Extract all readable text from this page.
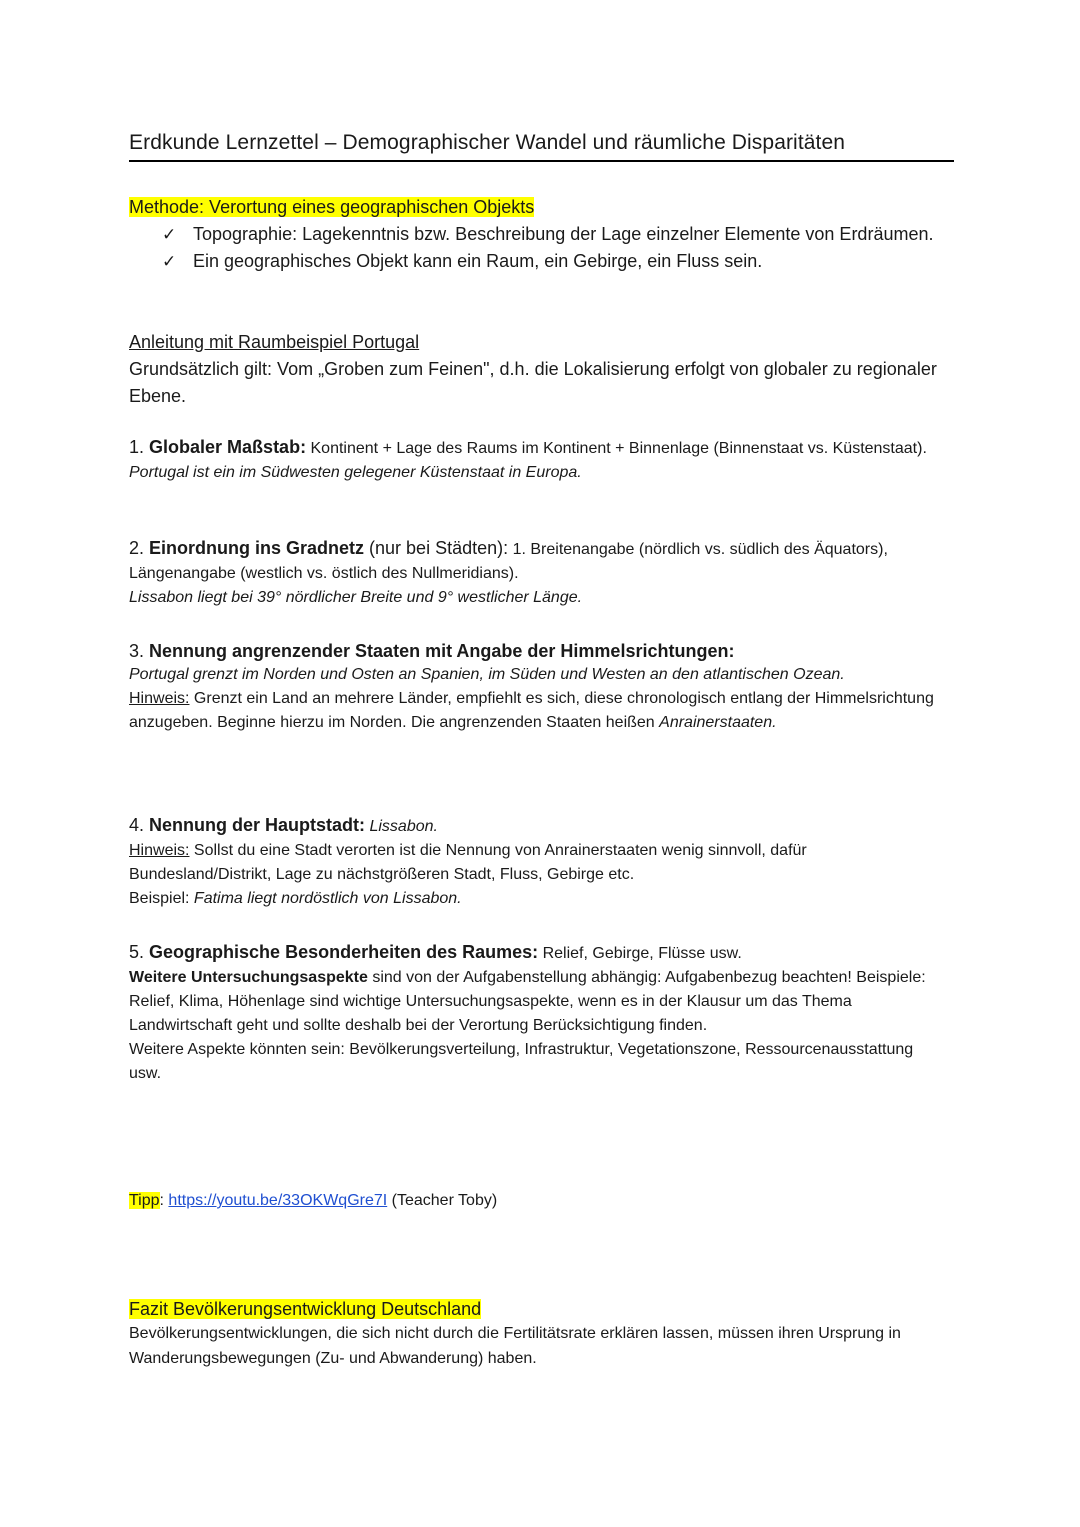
Erdkunde Lernzettel – Demographischer Wandel und räumliche Disparitäten
Methode: Verortung eines geographischen Objekts
✓ Topographie: Lagekenntnis bzw. Beschreibung der Lage einzelner Elemente von Erdräumen.
✓ Ein geographisches Objekt kann ein Raum, ein Gebirge, ein Fluss sein.
Anleitung mit Raumbeispiel Portugal
Grundsätzlich gilt: Vom „Groben zum Feinen", d.h. die Lokalisierung erfolgt von globaler zu regionaler Ebene.
1. Globaler Maßstab: Kontinent + Lage des Raums im Kontinent + Binnenlage (Binnenstaat vs. Küstenstaat).
Portugal ist ein im Südwesten gelegener Küstenstaat in Europa.
2. Einordnung ins Gradnetz (nur bei Städten): 1. Breitenangabe (nördlich vs. südlich des Äquators), Längenangabe (westlich vs. östlich des Nullmeridians).
Lissabon liegt bei 39° nördlicher Breite und 9° westlicher Länge.
3. Nennung angrenzender Staaten mit Angabe der Himmelsrichtungen:
Portugal grenzt im Norden und Osten an Spanien, im Süden und Westen an den atlantischen Ozean.
Hinweis: Grenzt ein Land an mehrere Länder, empfiehlt es sich, diese chronologisch entlang der Himmelsrichtung anzugeben. Beginne hierzu im Norden. Die angrenzenden Staaten heißen Anrainerstaaten.
4. Nennung der Hauptstadt: Lissabon.
Hinweis: Sollst du eine Stadt verorten ist die Nennung von Anrainerstaaten wenig sinnvoll, dafür Bundesland/Distrikt, Lage zu nächstgrößeren Stadt, Fluss, Gebirge etc.
Beispiel: Fatima liegt nordöstlich von Lissabon.
5. Geographische Besonderheiten des Raumes: Relief, Gebirge, Flüsse usw.
Weitere Untersuchungsaspekte sind von der Aufgabenstellung abhängig: Aufgabenbezug beachten! Beispiele: Relief, Klima, Höhenlage sind wichtige Untersuchungsaspekte, wenn es in der Klausur um das Thema Landwirtschaft geht und sollte deshalb bei der Verortung Berücksichtigung finden.
Weitere Aspekte könnten sein: Bevölkerungsverteilung, Infrastruktur, Vegetationszone, Ressourcenausstattung usw.
Tipp: https://youtu.be/33OKWqGre7I (Teacher Toby)
Fazit Bevölkerungsentwicklung Deutschland
Bevölkerungsentwicklungen, die sich nicht durch die Fertilitätsrate erklären lassen, müssen ihren Ursprung in Wanderungsbewegungen (Zu- und Abwanderung) haben.
